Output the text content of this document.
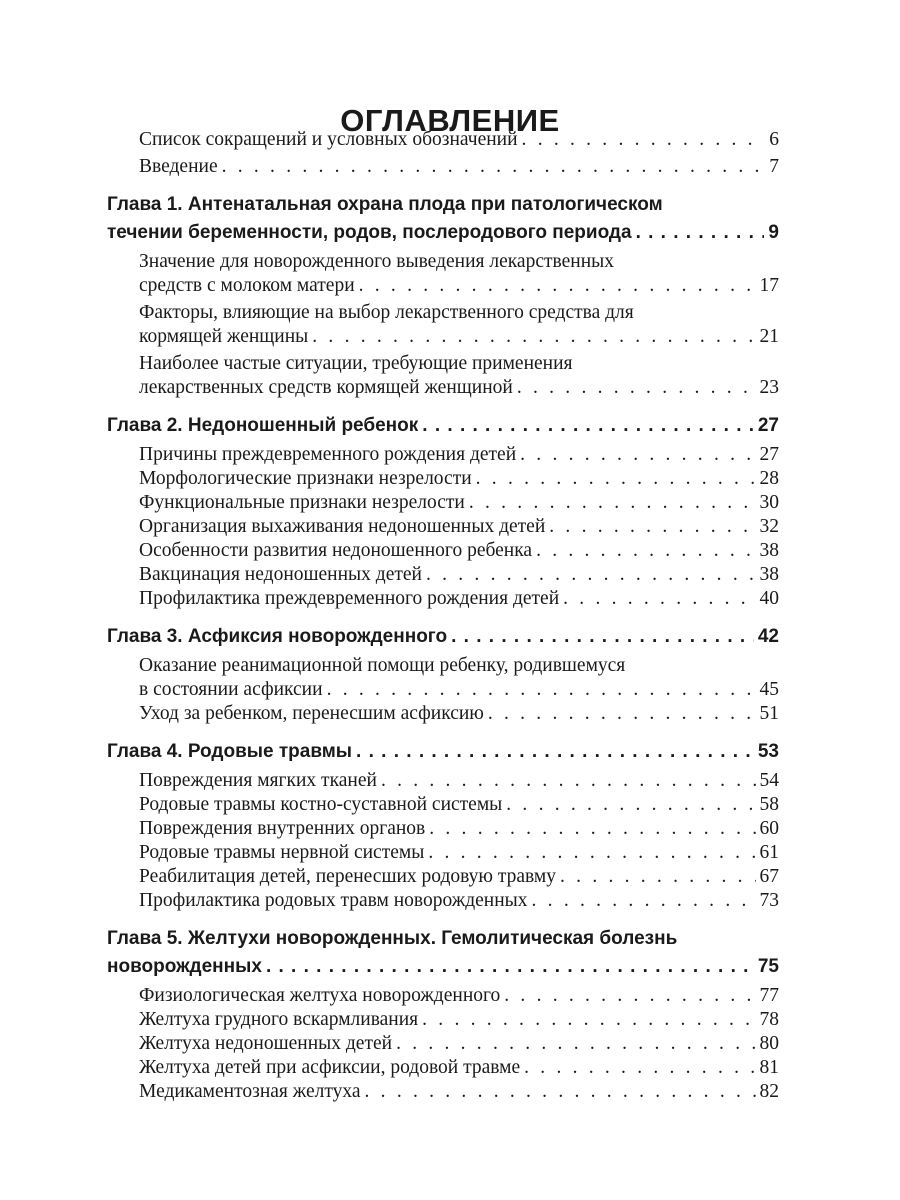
ОГЛАВЛЕНИЕ
Список сокращений и условных обозначений . . .	6
Введение . . .	7
Глава 1. Антенатальная охрана плода при патологическом
течении беременности, родов, послеродового периода . . .	9
Значение для новорожденного выведения лекарственных
средств с молоком матери . . .	17
Факторы, влияющие на выбор лекарственного средства для
кормящей женщины . . .	21
Наиболее частые ситуации, требующие применения
лекарственных средств кормящей женщиной . . .	23
Глава 2. Недоношенный ребенок . . .	27
Причины преждевременного рождения детей . . .	27
Морфологические признаки незрелости . . .	28
Функциональные признаки незрелости . . .	30
Организация выхаживания недоношенных детей . . .	32
Особенности развития недоношенного ребенка . . .	38
Вакцинация недоношенных детей . . .	38
Профилактика преждевременного рождения детей . . .	40
Глава 3. Асфиксия новорожденного . . .	42
Оказание реанимационной помощи ребенку, родившемуся
в состоянии асфиксии . . .	45
Уход за ребенком, перенесшим асфиксию . . .	51
Глава 4. Родовые травмы . . .	53
Повреждения мягких тканей . . .	54
Родовые травмы костно-суставной системы . . .	58
Повреждения внутренних органов . . .	60
Родовые травмы нервной системы . . .	61
Реабилитация детей, перенесших родовую травму . . .	67
Профилактика родовых травм новорожденных . . .	73
Глава 5. Желтухи новорожденных. Гемолитическая болезнь
новорожденных . . .	75
Физиологическая желтуха новорожденного . . .	77
Желтуха грудного вскармливания . . .	78
Желтуха недоношенных детей . . .	80
Желтуха детей при асфиксии, родовой травме . . .	81
Медикаментозная желтуха . . .	82
